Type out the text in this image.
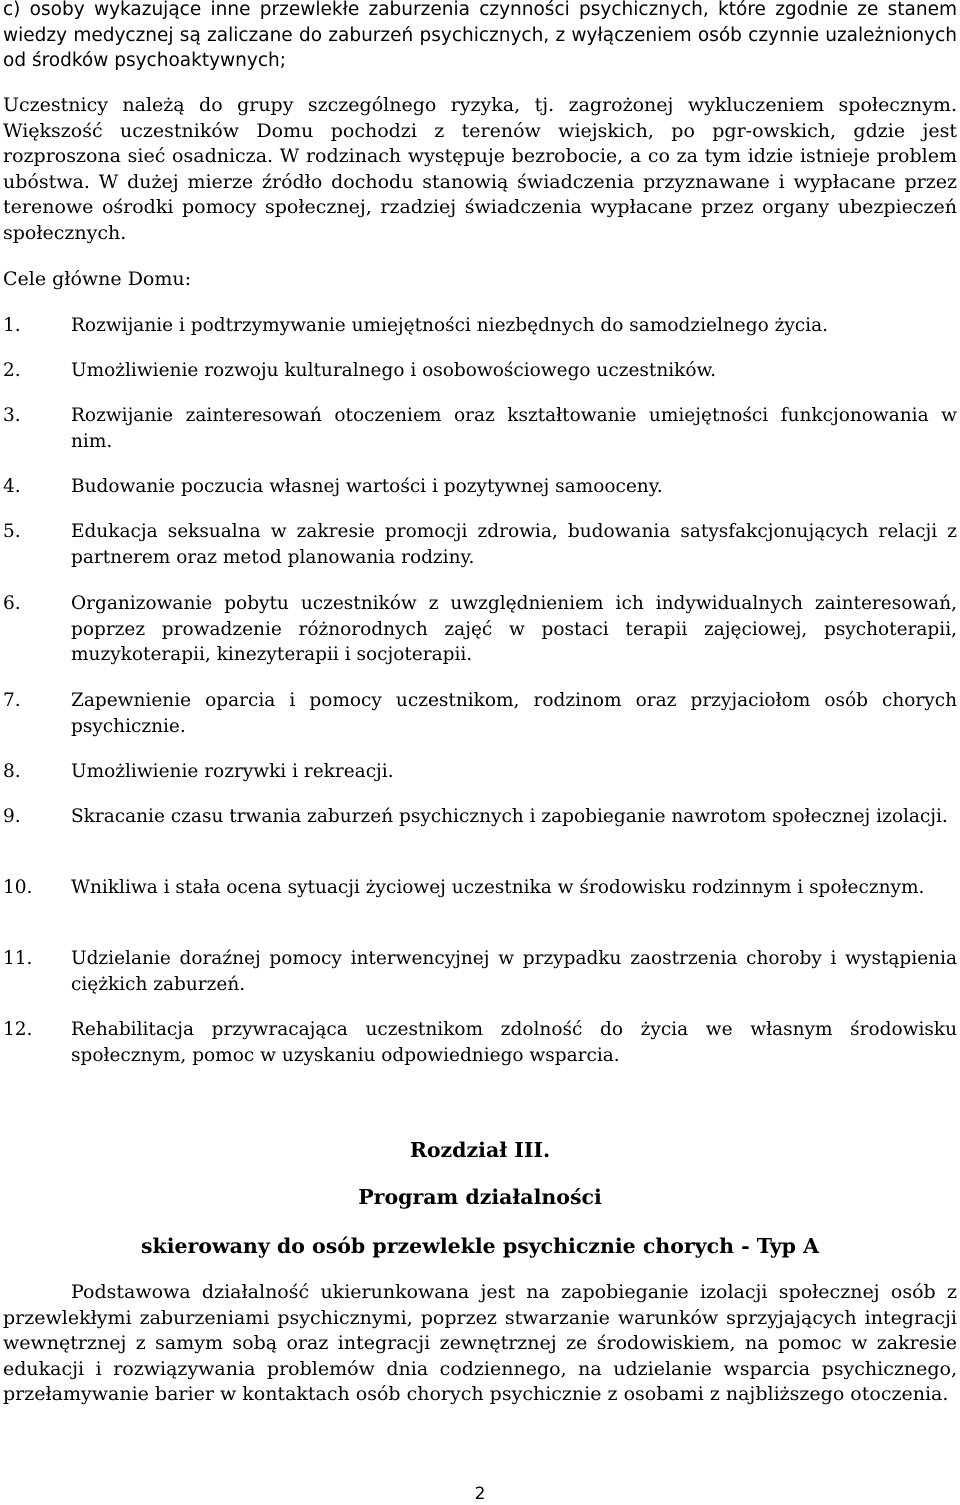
c) osoby wykazujące inne przewlekłe zaburzenia czynności psychicznych, które zgodnie ze stanem wiedzy medycznej są zaliczane do zaburzeń psychicznych, z wyłączeniem osób czynnie uzależnionych od środków psychoaktywnych;
Uczestnicy należą do grupy szczególnego ryzyka, tj. zagrożonej wykluczeniem społecznym. Większość uczestników Domu pochodzi z terenów wiejskich, po pgr-owskich, gdzie jest rozproszona sieć osadnicza. W rodzinach występuje bezrobocie, a co za tym idzie istnieje problem ubóstwa. W dużej mierze źródło dochodu stanowią świadczenia przyznawane i wypłacane przez terenowe ośrodki pomocy społecznej, rzadziej świadczenia wypłacane przez organy ubezpieczeń społecznych.
Cele główne Domu:
1.	Rozwijanie i podtrzymywanie umiejętności niezbędnych do samodzielnego życia.
2.	Umożliwienie rozwoju kulturalnego i osobowościowego uczestników.
3.	Rozwijanie zainteresowań otoczeniem oraz kształtowanie umiejętności funkcjonowania w nim.
4.	Budowanie poczucia własnej wartości i pozytywnej samooceny.
5.	Edukacja seksualna w zakresie promocji zdrowia, budowania satysfakcjonujących relacji z partnerem oraz metod planowania rodziny.
6.	Organizowanie pobytu uczestników z uwzględnieniem ich indywidualnych zainteresowań, poprzez prowadzenie różnorodnych zajęć w postaci terapii zajęciowej, psychoterapii, muzykoterapii, kinezyterapii i socjoterapii.
7.	Zapewnienie oparcia i pomocy uczestnikom, rodzinom oraz przyjaciołom osób chorych psychicznie.
8.	Umożliwienie rozrywki i rekreacji.
9.	Skracanie czasu trwania zaburzeń psychicznych i zapobieganie nawrotom społecznej izolacji.
10. Wnikliwa i stała ocena sytuacji życiowej uczestnika w środowisku rodzinnym i społecznym.
11. Udzielanie doraźnej pomocy interwencyjnej w przypadku zaostrzenia choroby i wystąpienia ciężkich zaburzeń.
12. Rehabilitacja przywracająca uczestnikom zdolność do życia we własnym środowisku społecznym, pomoc w uzyskaniu odpowiedniego wsparcia.
Rozdział III.
Program działalności
skierowany do osób przewlekle psychicznie chorych - Typ A
Podstawowa działalność ukierunkowana jest na zapobieganie izolacji społecznej osób z przewlekłymi zaburzeniami psychicznymi, poprzez stwarzanie warunków sprzyjających integracji wewnętrznej z samym sobą oraz integracji zewnętrznej ze środowiskiem, na pomoc w zakresie edukacji i rozwiązywania problemów dnia codziennego, na udzielanie wsparcia psychicznego, przełamywanie barier w kontaktach osób chorych psychicznie z osobami z najbliższego otoczenia.
2
